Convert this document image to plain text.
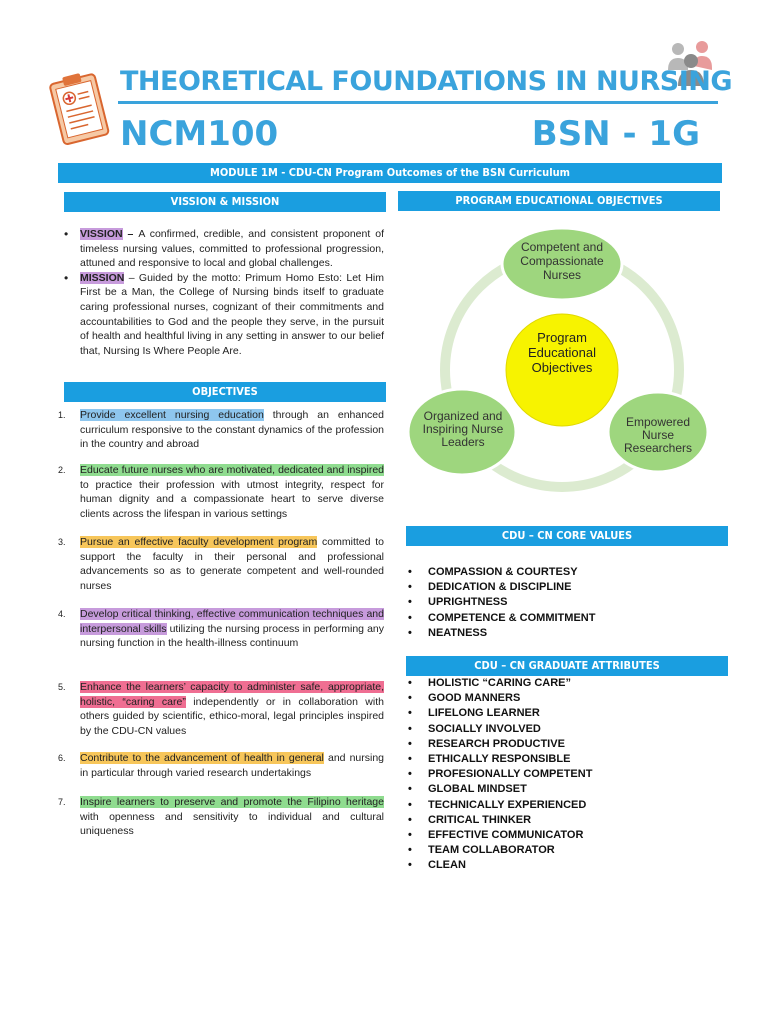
THEORETICAL FOUNDATIONS IN NURSING
NCM100	BSN - 1G
MODULE 1M - CDU-CN Program Outcomes of the BSN Curriculum
VISSION & MISSION
• VISSION – A confirmed, credible, and consistent proponent of timeless nursing values, committed to professional progression, attuned and responsive to local and global challenges.
• MISSION – Guided by the motto: Primum Homo Esto: Let Him First be a Man, the College of Nursing binds itself to graduate caring professional nurses, cognizant of their commitments and accountabilities to God and the people they serve, in the pursuit of health and healthful living in any setting in answer to our belief that, Nursing Is Where People Are.
OBJECTIVES
1. Provide excellent nursing education through an enhanced curriculum responsive to the constant dynamics of the profession in the country and abroad
2. Educate future nurses who are motivated, dedicated and inspired to practice their profession with utmost integrity, respect for human dignity and a compassionate heart to serve diverse clients across the lifespan in various settings
3. Pursue an effective faculty development program committed to support the faculty in their personal and professional advancements so as to generate competent and well-rounded nurses
4. Develop critical thinking, effective communication techniques and interpersonal skills utilizing the nursing process in performing any nursing function in the health-illness continuum
5. Enhance the learners’ capacity to administer safe, appropriate, holistic, “caring care” independently or in collaboration with others guided by scientific, ethico-moral, legal principles inspired by the CDU-CN values
6. Contribute to the advancement of health in general and nursing in particular through varied research undertakings
7. Inspire learners to preserve and promote the Filipino heritage with openness and sensitivity to individual and cultural uniqueness
PROGRAM EDUCATIONAL OBJECTIVES
Program Educational Objectives
Competent and Compassionate Nurses
Organized and Inspiring Nurse Leaders
Empowered Nurse Researchers
CDU – CN CORE VALUES
• COMPASSION & COURTESY
• DEDICATION & DISCIPLINE
• UPRIGHTNESS
• COMPETENCE & COMMITMENT
• NEATNESS
CDU – CN GRADUATE ATTRIBUTES
• HOLISTIC “CARING CARE”
• GOOD MANNERS
• LIFELONG LEARNER
• SOCIALLY INVOLVED
• RESEARCH PRODUCTIVE
• ETHICALLY RESPONSIBLE
• PROFESIONALLY COMPETENT
• GLOBAL MINDSET
• TECHNICALLY EXPERIENCED
• CRITICAL THINKER
• EFFECTIVE COMMUNICATOR
• TEAM COLLABORATOR
• CLEAN
